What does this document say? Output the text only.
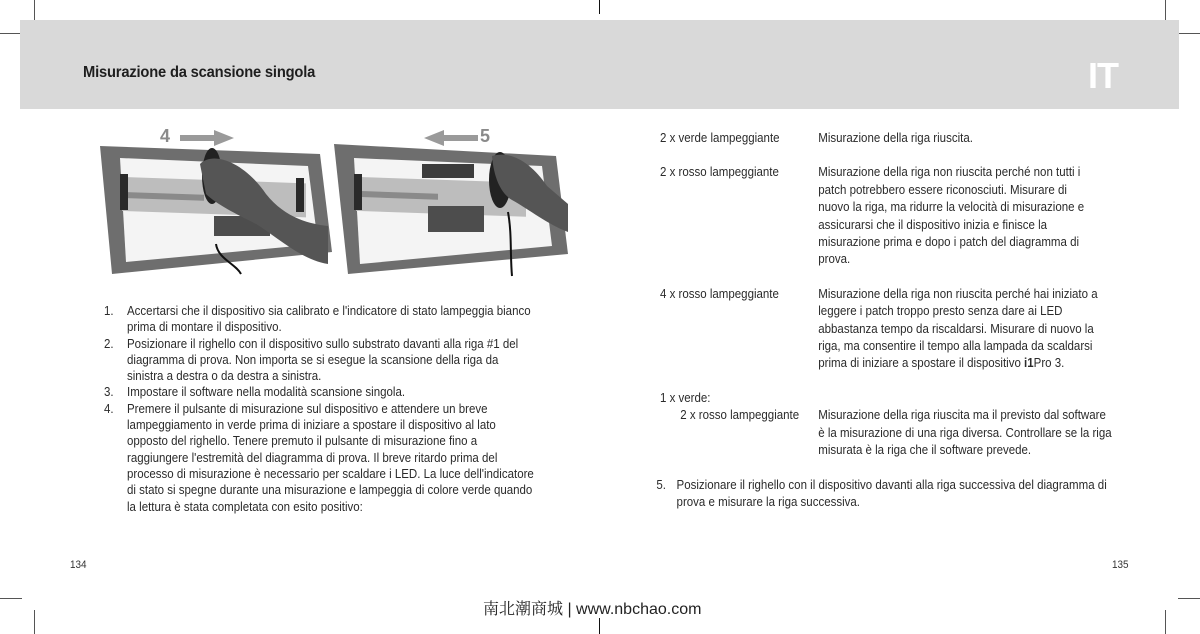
Misurazione da scansione singola	IT
4	5
1.	Accertarsi che il dispositivo sia calibrato e l'indicatore di stato lampeggia bianco prima di montare il dispositivo.
2.	Posizionare il righello con il dispositivo sullo substrato davanti alla riga #1 del diagramma di prova. Non importa se si esegue la scansione della riga da sinistra a destra o da destra a sinistra.
3.	Impostare il software nella modalità scansione singola.
4.	Premere il pulsante di misurazione sul dispositivo e attendere un breve lampeggiamento in verde prima di iniziare a spostare il dispositivo al lato opposto del righello. Tenere premuto il pulsante di misurazione fino a raggiungere l'estremità del diagramma di prova. Il breve ritardo prima del processo di misurazione è necessario per scaldare i LED. La luce dell'indicatore di stato si spegne durante una misurazione e lampeggia di colore verde quando la lettura è stata completata con esito positivo:
2 x verde lampeggiante	Misurazione della riga riuscita.
2 x rosso lampeggiante	Misurazione della riga non riuscita perché non tutti i patch potrebbero essere riconosciuti. Misurare di nuovo la riga, ma ridurre la velocità di misurazione e assicurarsi che il dispositivo inizia e finisce la misurazione prima e dopo i patch del diagramma di prova.
4 x rosso lampeggiante	Misurazione della riga non riuscita perché hai iniziato a leggere i patch troppo presto senza dare ai LED abbastanza tempo da riscaldarsi. Misurare di nuovo la riga, ma consentire il tempo alla lampada da scaldarsi prima di iniziare a spostare il dispositivo i1Pro 3.
1 x verde:
2 x rosso lampeggiante	Misurazione della riga riuscita ma il previsto dal software è la misurazione di una riga diversa. Controllare se la riga misurata è la riga che il software prevede.
5. Posizionare il righello con il dispositivo davanti alla riga successiva del diagramma di prova e misurare la riga successiva.
134	135
南北潮商城 | www.nbchao.com
